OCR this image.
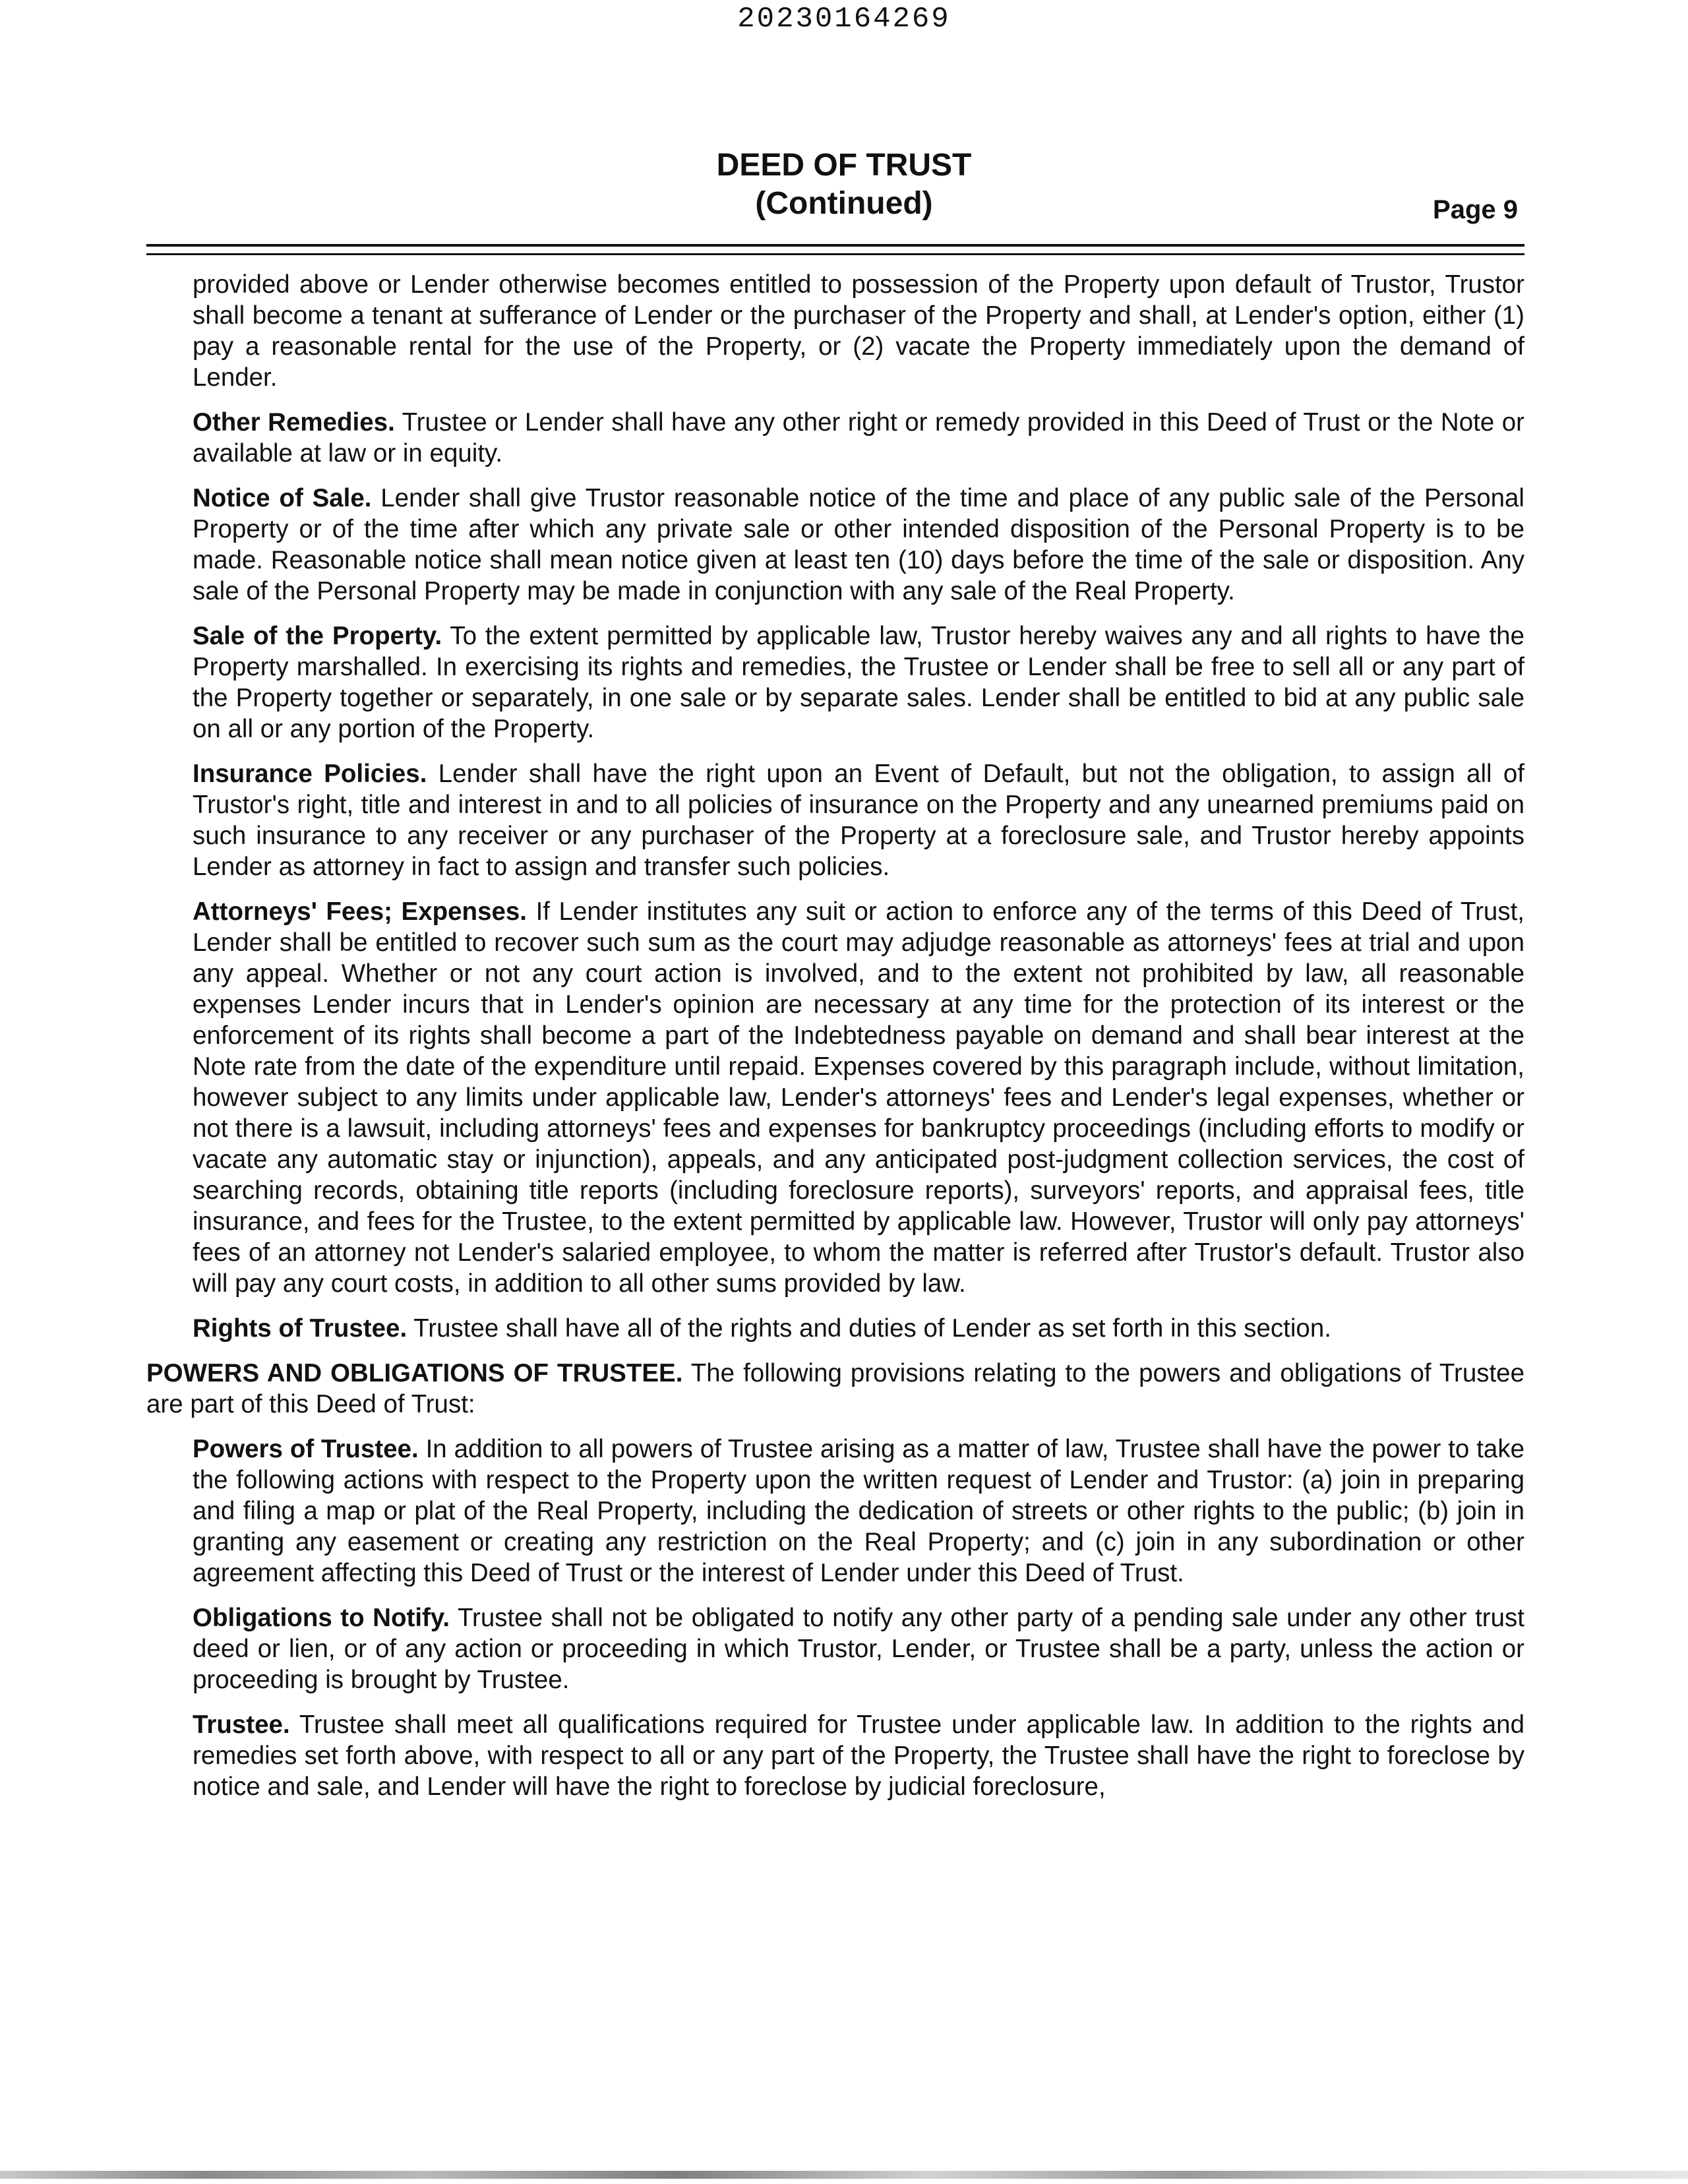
20230164269
DEED OF TRUST
(Continued)	Page 9

provided above or Lender otherwise becomes entitled to possession of the Property upon default of Trustor, Trustor shall become a tenant at sufferance of Lender or the purchaser of the Property and shall, at Lender's option, either (1) pay a reasonable rental for the use of the Property, or (2) vacate the Property immediately upon the demand of Lender.

Other Remedies. Trustee or Lender shall have any other right or remedy provided in this Deed of Trust or the Note or available at law or in equity.

Notice of Sale. Lender shall give Trustor reasonable notice of the time and place of any public sale of the Personal Property or of the time after which any private sale or other intended disposition of the Personal Property is to be made. Reasonable notice shall mean notice given at least ten (10) days before the time of the sale or disposition. Any sale of the Personal Property may be made in conjunction with any sale of the Real Property.

Sale of the Property. To the extent permitted by applicable law, Trustor hereby waives any and all rights to have the Property marshalled. In exercising its rights and remedies, the Trustee or Lender shall be free to sell all or any part of the Property together or separately, in one sale or by separate sales. Lender shall be entitled to bid at any public sale on all or any portion of the Property.

Insurance Policies. Lender shall have the right upon an Event of Default, but not the obligation, to assign all of Trustor's right, title and interest in and to all policies of insurance on the Property and any unearned premiums paid on such insurance to any receiver or any purchaser of the Property at a foreclosure sale, and Trustor hereby appoints Lender as attorney in fact to assign and transfer such policies.

Attorneys' Fees; Expenses. If Lender institutes any suit or action to enforce any of the terms of this Deed of Trust, Lender shall be entitled to recover such sum as the court may adjudge reasonable as attorneys' fees at trial and upon any appeal. Whether or not any court action is involved, and to the extent not prohibited by law, all reasonable expenses Lender incurs that in Lender's opinion are necessary at any time for the protection of its interest or the enforcement of its rights shall become a part of the Indebtedness payable on demand and shall bear interest at the Note rate from the date of the expenditure until repaid. Expenses covered by this paragraph include, without limitation, however subject to any limits under applicable law, Lender's attorneys' fees and Lender's legal expenses, whether or not there is a lawsuit, including attorneys' fees and expenses for bankruptcy proceedings (including efforts to modify or vacate any automatic stay or injunction), appeals, and any anticipated post-judgment collection services, the cost of searching records, obtaining title reports (including foreclosure reports), surveyors' reports, and appraisal fees, title insurance, and fees for the Trustee, to the extent permitted by applicable law. However, Trustor will only pay attorneys' fees of an attorney not Lender's salaried employee, to whom the matter is referred after Trustor's default. Trustor also will pay any court costs, in addition to all other sums provided by law.

Rights of Trustee. Trustee shall have all of the rights and duties of Lender as set forth in this section.

POWERS AND OBLIGATIONS OF TRUSTEE. The following provisions relating to the powers and obligations of Trustee are part of this Deed of Trust:

Powers of Trustee. In addition to all powers of Trustee arising as a matter of law, Trustee shall have the power to take the following actions with respect to the Property upon the written request of Lender and Trustor: (a) join in preparing and filing a map or plat of the Real Property, including the dedication of streets or other rights to the public; (b) join in granting any easement or creating any restriction on the Real Property; and (c) join in any subordination or other agreement affecting this Deed of Trust or the interest of Lender under this Deed of Trust.

Obligations to Notify. Trustee shall not be obligated to notify any other party of a pending sale under any other trust deed or lien, or of any action or proceeding in which Trustor, Lender, or Trustee shall be a party, unless the action or proceeding is brought by Trustee.

Trustee. Trustee shall meet all qualifications required for Trustee under applicable law. In addition to the rights and remedies set forth above, with respect to all or any part of the Property, the Trustee shall have the right to foreclose by notice and sale, and Lender will have the right to foreclose by judicial foreclosure,
